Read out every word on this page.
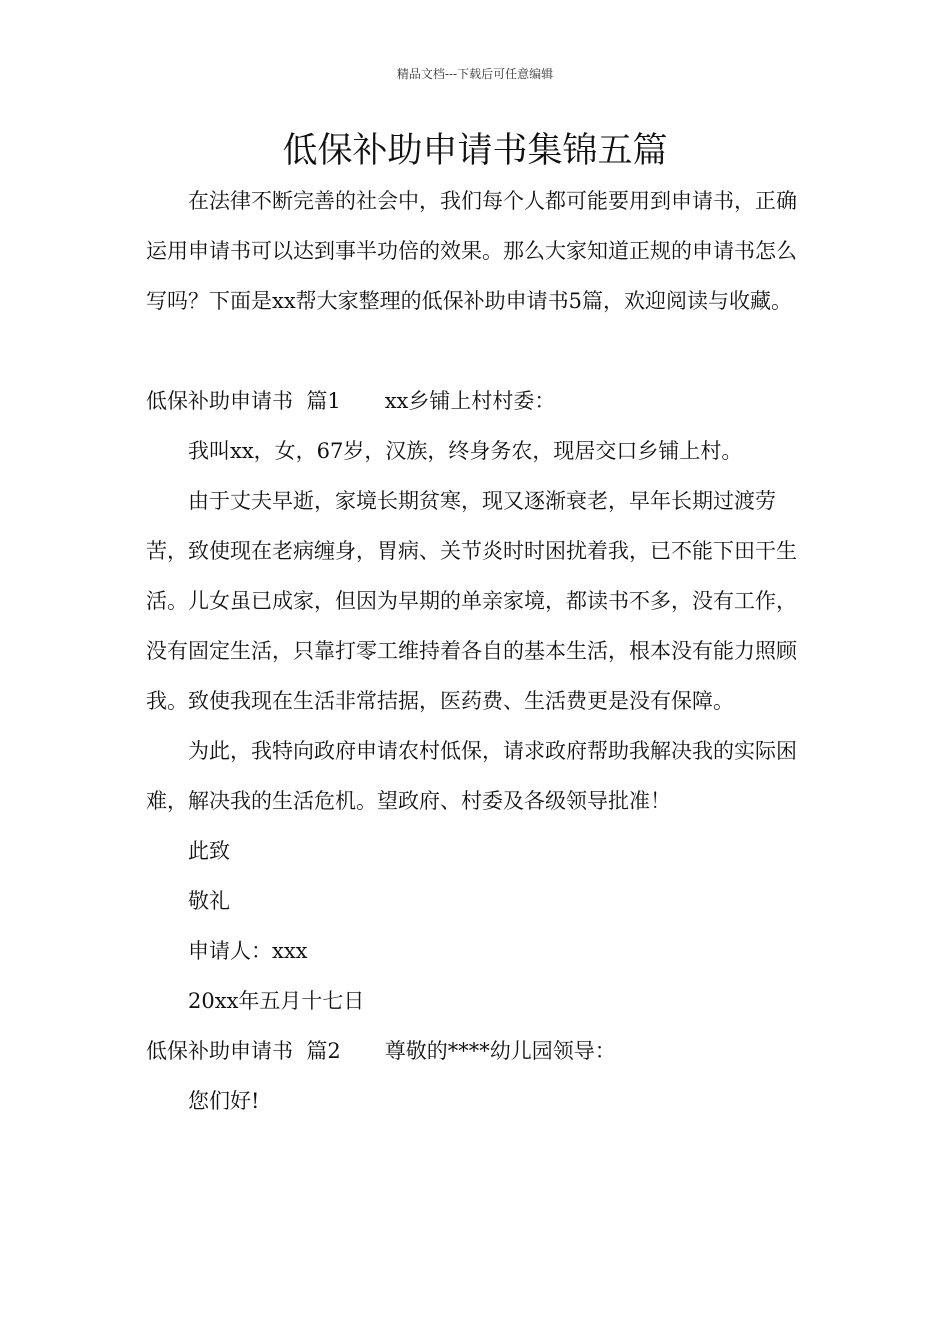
精品文档---下载后可任意编辑
低保补助申请书集锦五篇

在法律不断完善的社会中，我们每个人都可能要用到申请书，正确运用申请书可以达到事半功倍的效果。那么大家知道正规的申请书怎么写吗？下面是xx帮大家整理的低保补助申请书5篇，欢迎阅读与收藏。

低保补助申请书  篇1 xx乡铺上村村委：

我叫xx，女，67岁，汉族，终身务农，现居交口乡铺上村。

由于丈夫早逝，家境长期贫寒，现又逐渐衰老，早年长期过渡劳苦，致使现在老病缠身，胃病、关节炎时时困扰着我，已不能下田干生活。儿女虽已成家，但因为早期的单亲家境，都读书不多，没有工作，没有固定生活，只靠打零工维持着各自的基本生活，根本没有能力照顾我。致使我现在生活非常拮据，医药费、生活费更是没有保障。

为此，我特向政府申请农村低保，请求政府帮助我解决我的实际困难，解决我的生活危机。望政府、村委及各级领导批准！

此致

敬礼

申请人：xxx

20xx年五月十七日

低保补助申请书  篇2 尊敬的****幼儿园领导：

您们好!
